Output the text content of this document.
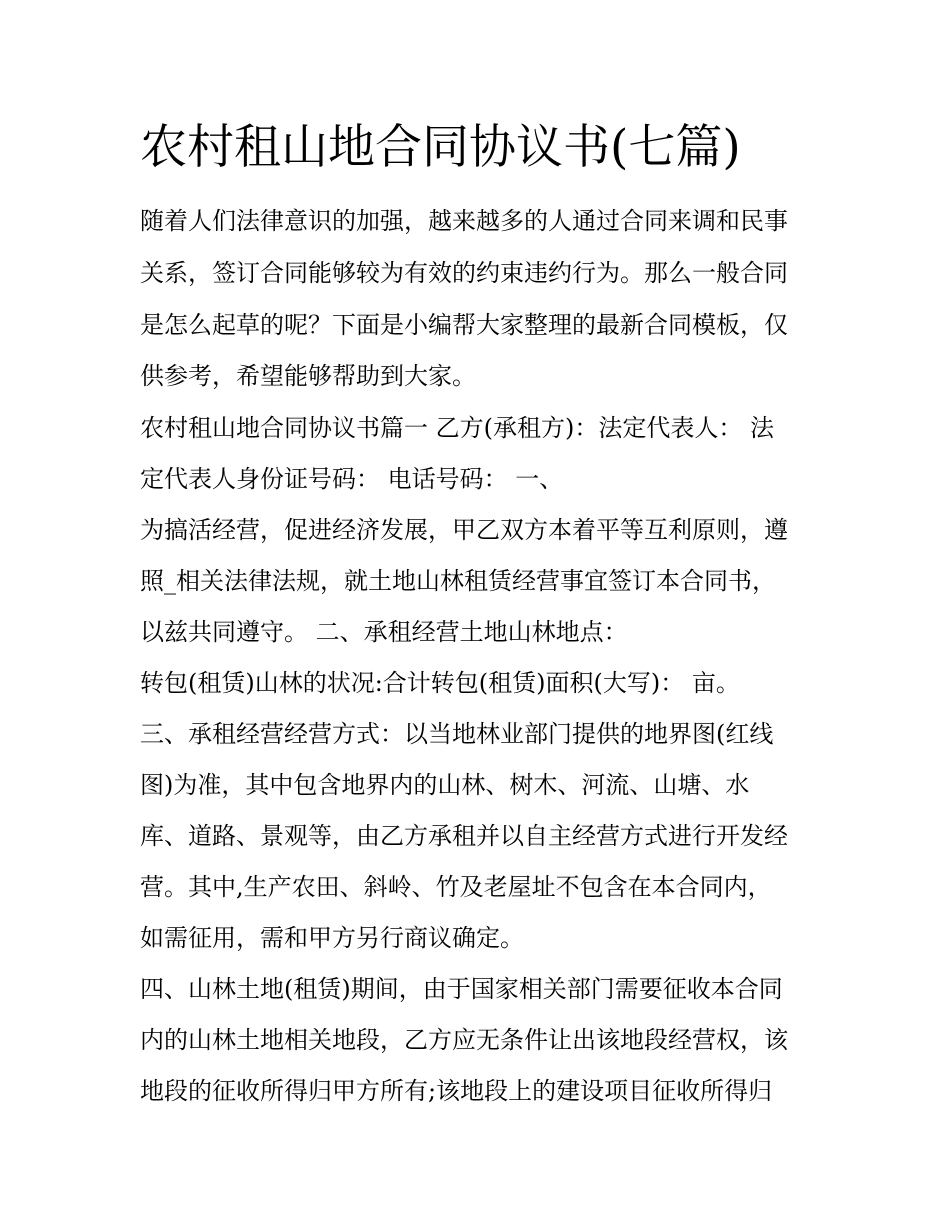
农村租山地合同协议书(七篇)

随着人们法律意识的加强，越来越多的人通过合同来调和民事

关系，签订合同能够较为有效的约束违约行为。那么一般合同

是怎么起草的呢？下面是小编帮大家整理的最新合同模板，仅

供参考，希望能够帮助到大家。

农村租山地合同协议书篇一 乙方(承租方)：法定代表人： 法

定代表人身份证号码： 电话号码： 一、

为搞活经营，促进经济发展，甲乙双方本着平等互利原则，遵

照_相关法律法规，就土地山林租赁经营事宜签订本合同书，

以兹共同遵守。 二、承租经营土地山林地点：

转包(租赁)山林的状况:合计转包(租赁)面积(大写)： 亩。

三、承租经营经营方式：以当地林业部门提供的地界图(红线

图)为准，其中包含地界内的山林、树木、河流、山塘、水

库、道路、景观等，由乙方承租并以自主经营方式进行开发经

营。其中,生产农田、斜岭、竹及老屋址不包含在本合同内，

如需征用，需和甲方另行商议确定。

四、山林土地(租赁)期间，由于国家相关部门需要征收本合同

内的山林土地相关地段，乙方应无条件让出该地段经营权，该

地段的征收所得归甲方所有;该地段上的建设项目征收所得归
